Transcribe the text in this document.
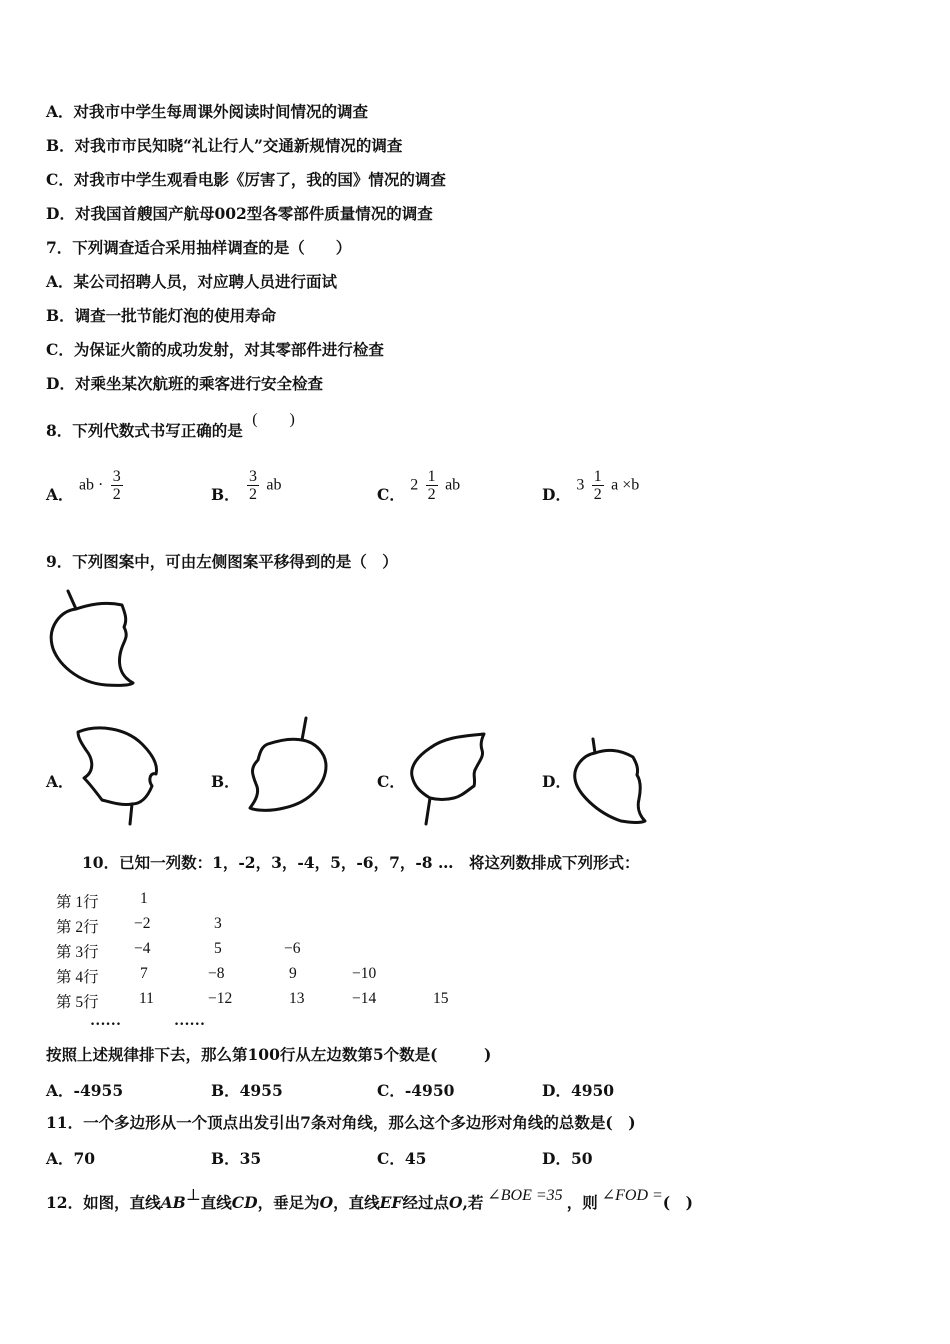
A．对我市中学生每周课外阅读时间情况的调查
B．对我市市民知晓“礼让行人”交通新规情况的调查
C．对我市中学生观看电影《厉害了，我的国》情况的调查
D．对我国首艘国产航母002型各零部件质量情况的调查
7．下列调查适合采用抽样调查的是（　　）
A．某公司招聘人员，对应聘人员进行面试
B．调查一批节能灯泡的使用寿命
C．为保证火箭的成功发射，对其零部件进行检查
D．对乘坐某次航班的乘客进行安全检查
8．下列代数式书写正确的是 (　　)
A． ab · $\frac{3}{2}$	B． $\frac{3}{2}$ ab	C． $2 \frac{1}{2}$ ab	D． $3 \frac{1}{2}$ a ×b
9．下列图案中，可由左侧图案平移得到的是（　）
A．	B．	C．	D．
10．已知一列数：1，-2，3，-4，5，-6，7，-8 …　将这列数排成下列形式：
第 1行
第 2行
第 3行
第 4行
第 5行
1
−2	3
−4	5	−6
7	−8	9	−10
11	−12	13	−14	15
……	……
按照上述规律排下去，那么第100行从左边数第5个数是(　　　)
A．-4955	B．4955	C．-4950	D．4950
11．一个多边形从一个顶点出发引出7条对角线，那么这个多边形对角线的总数是(　)
A．70	B．35	C．45	D．50
12．如图，直线AB⊥直线CD，垂足为O，直线EF经过点O,若 ∠BOE =35 ，则 ∠FOD =(　)
